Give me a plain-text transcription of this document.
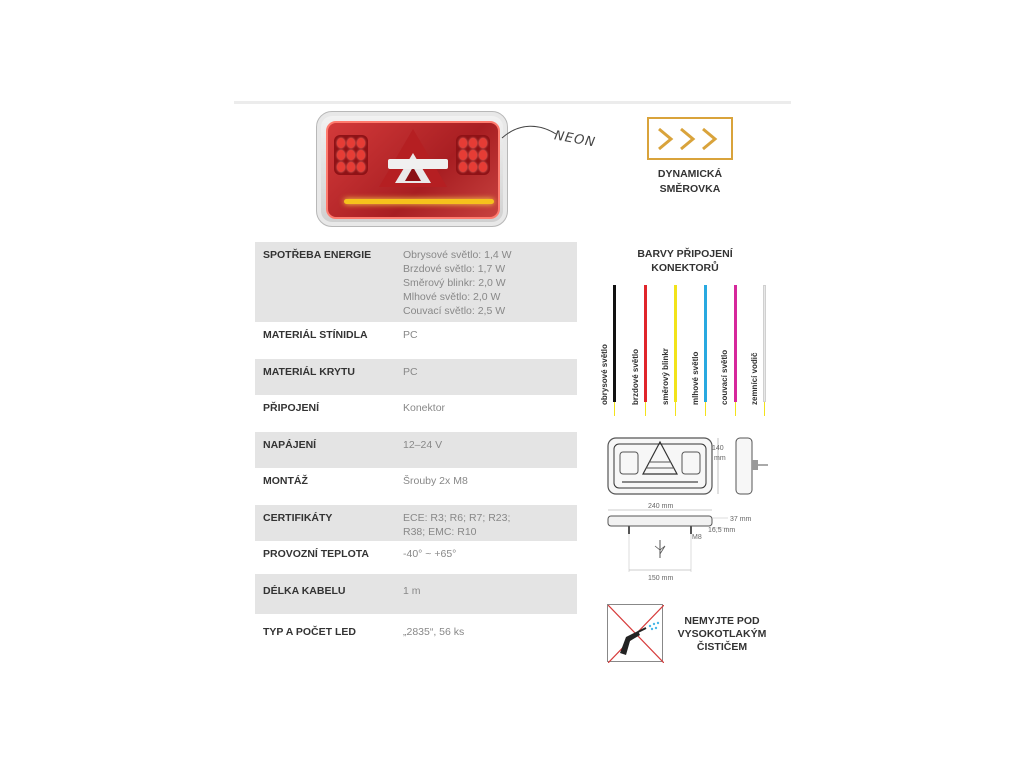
NEON
DYNAMICKÁ
SMĚROVKA
SPOTŘEBA ENERGIE	Obrysové světlo: 1,4 W
Brzdové světlo: 1,7 W
Směrový blinkr: 2,0 W
Mlhové světlo: 2,0 W
Couvací světlo: 2,5 W
MATERIÁL STÍNIDLA	PC
MATERIÁL KRYTU	PC
PŘIPOJENÍ	Konektor
NAPÁJENÍ	12–24 V
MONTÁŽ	Šrouby 2x M8
CERTIFIKÁTY	ECE: R3; R6; R7; R23;
R38; EMC: R10
PROVOZNÍ TEPLOTA	-40° ~ +65°
DÉLKA KABELU	1 m
TYP A POČET LED	„2835“, 56 ks
BARVY PŘIPOJENÍ
KONEKTORŮ
obrysové světlo	brzdové světlo	směrový blinkr	mlhové světlo	couvací světlo	zemnící vodič
140
mm
240 mm
37 mm
16,5 mm
M8
150 mm
NEMYJTE POD
VYSOKOTLAKÝM
ČISTIČEM
